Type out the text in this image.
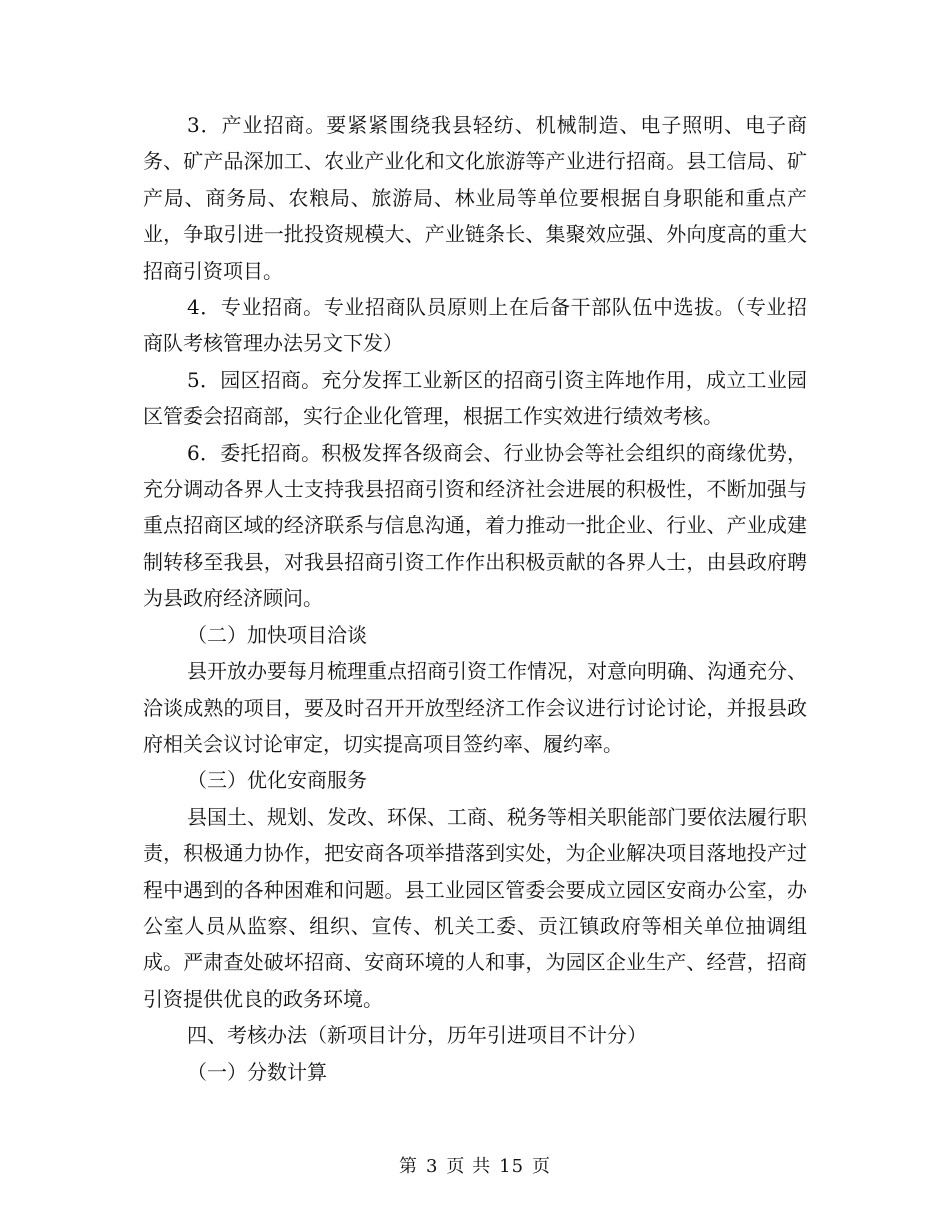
3．产业招商。要紧紧围绕我县轻纺、机械制造、电子照明、电子商务、矿产品深加工、农业产业化和文化旅游等产业进行招商。县工信局、矿产局、商务局、农粮局、旅游局、林业局等单位要根据自身职能和重点产业，争取引进一批投资规模大、产业链条长、集聚效应强、外向度高的重大招商引资项目。

4．专业招商。专业招商队员原则上在后备干部队伍中选拔。（专业招商队考核管理办法另文下发）

5．园区招商。充分发挥工业新区的招商引资主阵地作用，成立工业园区管委会招商部，实行企业化管理，根据工作实效进行绩效考核。

6．委托招商。积极发挥各级商会、行业协会等社会组织的商缘优势，充分调动各界人士支持我县招商引资和经济社会进展的积极性，不断加强与重点招商区域的经济联系与信息沟通，着力推动一批企业、行业、产业成建制转移至我县，对我县招商引资工作作出积极贡献的各界人士，由县政府聘为县政府经济顾问。

（二）加快项目洽谈

县开放办要每月梳理重点招商引资工作情况，对意向明确、沟通充分、洽谈成熟的项目，要及时召开开放型经济工作会议进行讨论讨论，并报县政府相关会议讨论审定，切实提高项目签约率、履约率。

（三）优化安商服务

县国土、规划、发改、环保、工商、税务等相关职能部门要依法履行职责，积极通力协作，把安商各项举措落到实处，为企业解决项目落地投产过程中遇到的各种困难和问题。县工业园区管委会要成立园区安商办公室，办公室人员从监察、组织、宣传、机关工委、贡江镇政府等相关单位抽调组成。严肃查处破坏招商、安商环境的人和事，为园区企业生产、经营，招商引资提供优良的政务环境。

四、考核办法（新项目计分，历年引进项目不计分）

（一）分数计算

第 3 页 共 15 页
